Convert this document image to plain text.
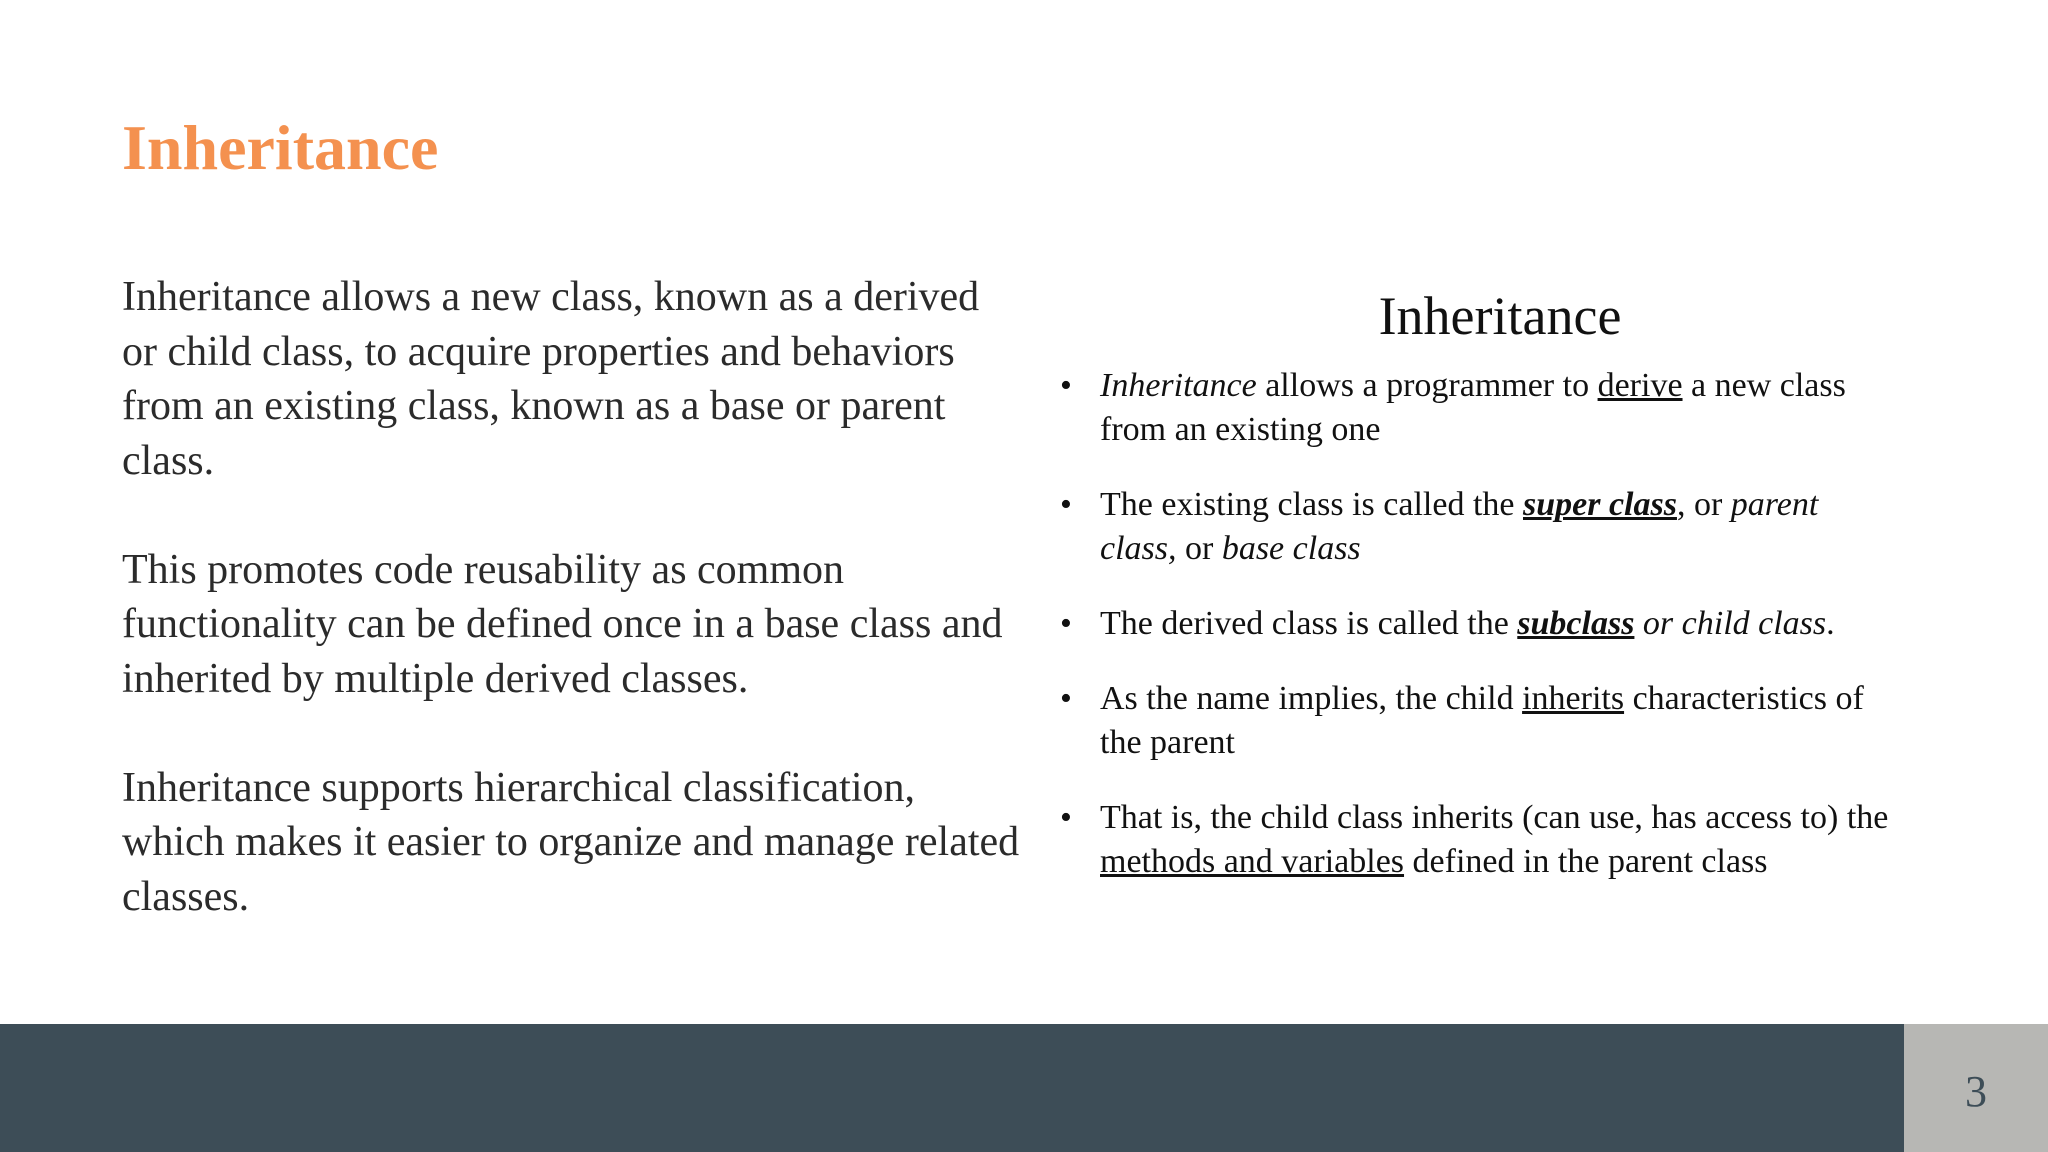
Inheritance

Inheritance allows a new class, known as a derived or child class, to acquire properties and behaviors from an existing class, known as a base or parent class.

This promotes code reusability as common functionality can be defined once in a base class and inherited by multiple derived classes.

Inheritance supports hierarchical classification, which makes it easier to organize and manage related classes.

Inheritance
• Inheritance allows a programmer to derive a new class from an existing one
• The existing class is called the super class, or parent class, or base class
• The derived class is called the subclass or child class.
• As the name implies, the child inherits characteristics of the parent
• That is, the child class inherits (can use, has access to) the methods and variables defined in the parent class
3
